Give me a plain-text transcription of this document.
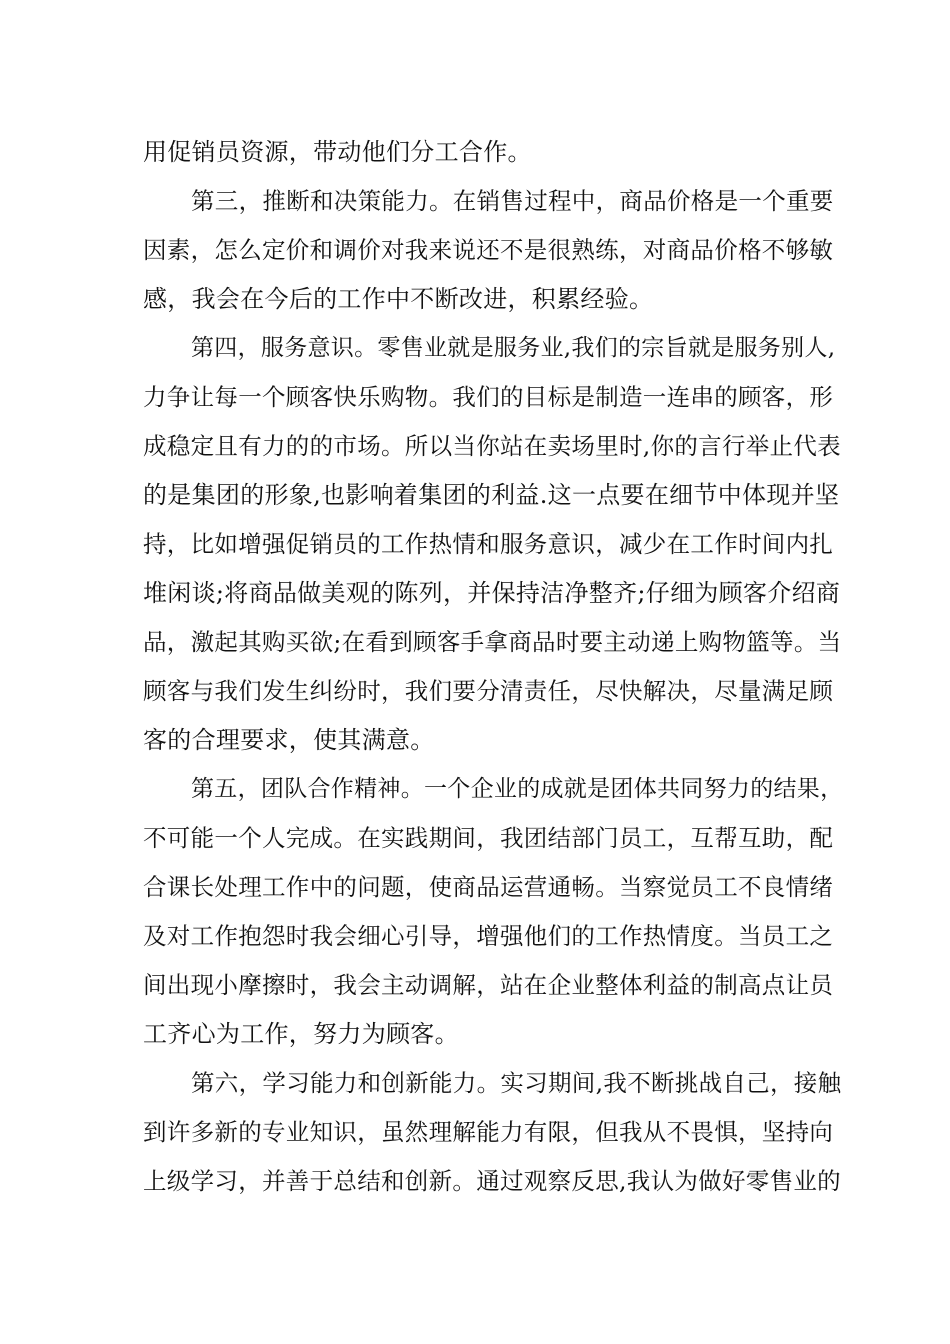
用促销员资源，带动他们分工合作。
第三，推断和决策能力。在销售过程中，商品价格是一个重要
因素，怎么定价和调价对我来说还不是很熟练，对商品价格不够敏
感，我会在今后的工作中不断改进，积累经验。
第四，服务意识。零售业就是服务业,我们的宗旨就是服务别人,
力争让每一个顾客快乐购物。我们的目标是制造一连串的顾客，形
成稳定且有力的的市场。所以当你站在卖场里时,你的言行举止代表
的是集团的形象,也影响着集团的利益.这一点要在细节中体现并坚
持，比如增强促销员的工作热情和服务意识，减少在工作时间内扎
堆闲谈;将商品做美观的陈列，并保持洁净整齐;仔细为顾客介绍商
品，激起其购买欲;在看到顾客手拿商品时要主动递上购物篮等。当
顾客与我们发生纠纷时，我们要分清责任，尽快解决，尽量满足顾
客的合理要求，使其满意。
第五，团队合作精神。一个企业的成就是团体共同努力的结果，
不可能一个人完成。在实践期间，我团结部门员工，互帮互助，配
合课长处理工作中的问题，使商品运营通畅。当察觉员工不良情绪
及对工作抱怨时我会细心引导，增强他们的工作热情度。当员工之
间出现小摩擦时，我会主动调解，站在企业整体利益的制高点让员
工齐心为工作，努力为顾客。
第六，学习能力和创新能力。实习期间,我不断挑战自己，接触
到许多新的专业知识，虽然理解能力有限，但我从不畏惧，坚持向
上级学习，并善于总结和创新。通过观察反思,我认为做好零售业的
